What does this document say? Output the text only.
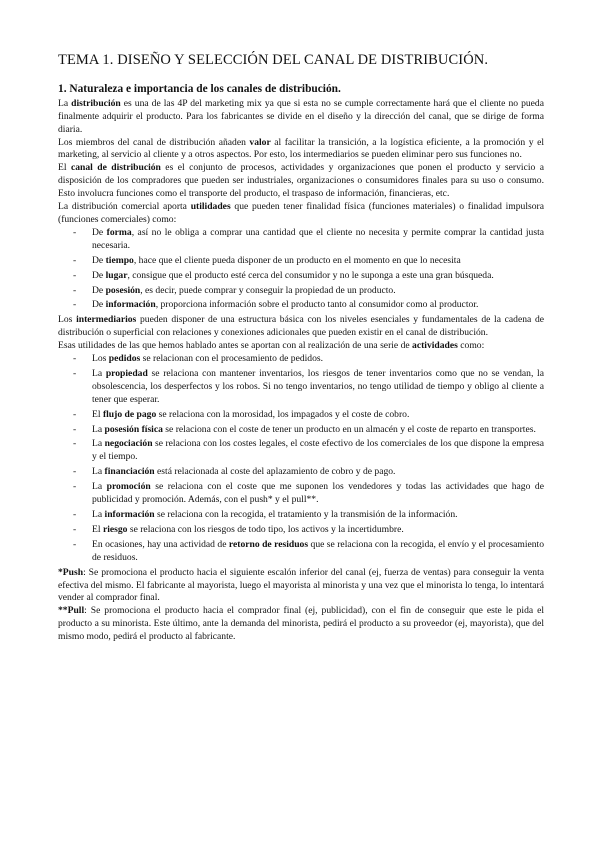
TEMA 1. DISEÑO Y SELECCIÓN DEL CANAL DE DISTRIBUCIÓN.
1. Naturaleza e importancia de los canales de distribución.

La distribución es una de las 4P del marketing mix ya que si esta no se cumple correctamente hará que el cliente no pueda finalmente adquirir el producto. Para los fabricantes se divide en el diseño y la dirección del canal, que se dirige de forma diaria.

Los miembros del canal de distribución añaden valor al facilitar la transición, a la logística eficiente, a la promoción y el marketing, al servicio al cliente y a otros aspectos. Por esto, los intermediarios se pueden eliminar pero sus funciones no.

El canal de distribución es el conjunto de procesos, actividades y organizaciones que ponen el producto y servicio a disposición de los compradores que pueden ser industriales, organizaciones o consumidores finales para su uso o consumo. Esto involucra funciones como el transporte del producto, el traspaso de información, financieras, etc.

La distribución comercial aporta utilidades que pueden tener finalidad física (funciones materiales) o finalidad impulsora (funciones comerciales) como:

- De forma, así no le obliga a comprar una cantidad que el cliente no necesita y permite comprar la cantidad justa necesaria.
- De tiempo, hace que el cliente pueda disponer de un producto en el momento en que lo necesita
- De lugar, consigue que el producto esté cerca del consumidor y no le suponga a este una gran búsqueda.
- De posesión, es decir, puede comprar y conseguir la propiedad de un producto.
- De información, proporciona información sobre el producto tanto al consumidor como al productor.

Los intermediarios pueden disponer de una estructura básica con los niveles esenciales y fundamentales de la cadena de distribución o superficial con relaciones y conexiones adicionales que pueden existir en el canal de distribución.

Esas utilidades de las que hemos hablado antes se aportan con al realización de una serie de actividades como:

- Los pedidos se relacionan con el procesamiento de pedidos.
- La propiedad se relaciona con mantener inventarios, los riesgos de tener inventarios como que no se vendan, la obsolescencia, los desperfectos y los robos. Si no tengo inventarios, no tengo utilidad de tiempo y obligo al cliente a tener que esperar.
- El flujo de pago se relaciona con la morosidad, los impagados y el coste de cobro.
- La posesión física se relaciona con el coste de tener un producto en un almacén y el coste de reparto en transportes.
- La negociación se relaciona con los costes legales, el coste efectivo de los comerciales de los que dispone la empresa y el tiempo.
- La financiación está relacionada al coste del aplazamiento de cobro y de pago.
- La promoción se relaciona con el coste que me suponen los vendedores y todas las actividades que hago de publicidad y promoción. Además, con el push* y el pull**.
- La información se relaciona con la recogida, el tratamiento y la transmisión de la información.
- El riesgo se relaciona con los riesgos de todo tipo, los activos y la incertidumbre.
- En ocasiones, hay una actividad de retorno de residuos que se relaciona con la recogida, el envío y el procesamiento de residuos.

*Push: Se promociona el producto hacia el siguiente escalón inferior del canal (ej, fuerza de ventas) para conseguir la venta efectiva del mismo. El fabricante al mayorista, luego el mayorista al minorista y una vez que el minorista lo tenga, lo intentará vender al comprador final.

**Pull: Se promociona el producto hacia el comprador final (ej, publicidad), con el fin de conseguir que este le pida el producto a su minorista. Este último, ante la demanda del minorista, pedirá el producto a su proveedor (ej, mayorista), que del mismo modo, pedirá el producto al fabricante.
